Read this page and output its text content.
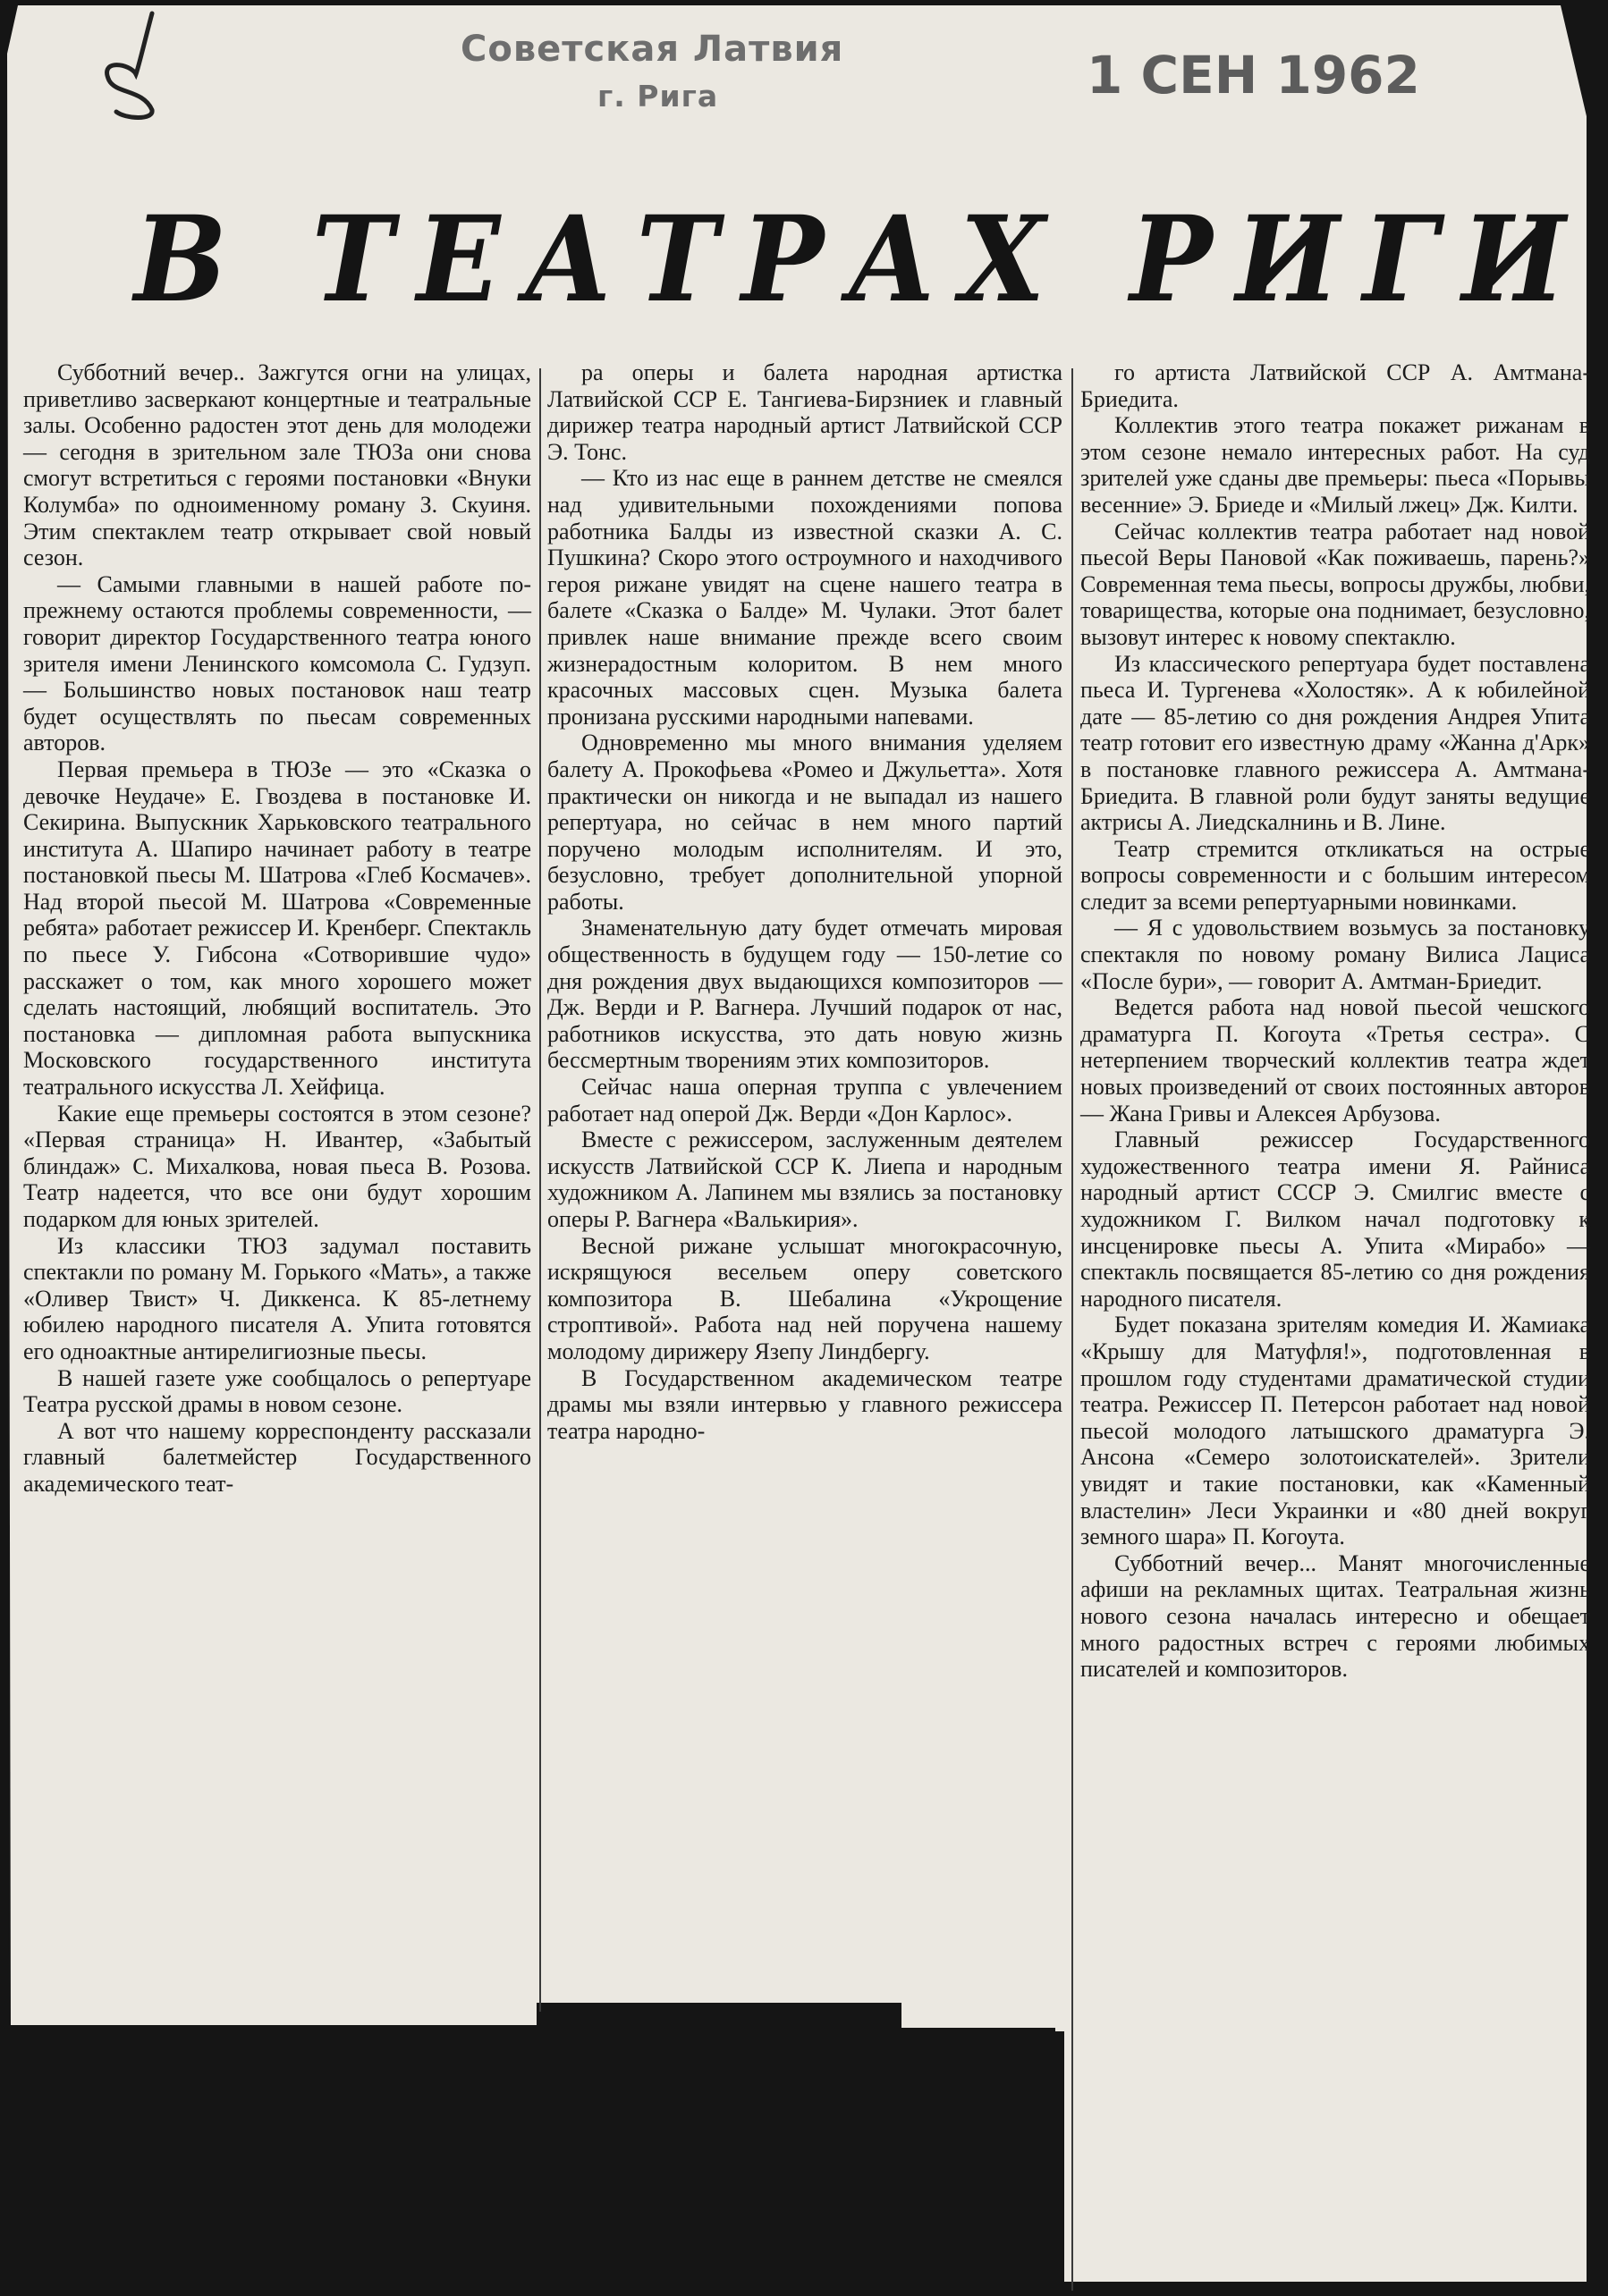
Советская Латвия
г. Рига	1 СЕН 1962
В ТЕАТРАХ РИГИ

Субботний вечер.. Зажгутся огни на улицах, приветливо засверкают концертные и театральные залы. Особенно радостен этот день для молодежи — сегодня в зрительном зале ТЮЗа они снова смогут встретиться с героями постановки «Внуки Колумба» по одноименному роману З. Скуиня. Этим спектаклем театр открывает свой новый сезон.

— Самыми главными в нашей работе по-прежнему остаются проблемы современности, — говорит директор Государственного театра юного зрителя имени Ленинского комсомола С. Гудзуп. — Большинство новых постановок наш театр будет осуществлять по пьесам современных авторов.

Первая премьера в ТЮЗе — это «Сказка о девочке Неудаче» Е. Гвоздева в постановке И. Секирина. Выпускник Харьковского театрального института А. Шапиро начинает работу в театре постановкой пьесы М. Шатрова «Глеб Космачев». Над второй пьесой М. Шатрова «Современные ребята» работает режиссер И. Кренберг. Спектакль по пьесе У. Гибсона «Сотворившие чудо» расскажет о том, как много хорошего может сделать настоящий, любящий воспитатель. Это постановка — дипломная работа выпускника Московского государственного института театрального искусства Л. Хейфица.

Какие еще премьеры состоятся в этом сезоне? «Первая страница» Н. Ивантер, «Забытый блиндаж» С. Михалкова, новая пьеса В. Розова. Театр надеется, что все они будут хорошим подарком для юных зрителей.

Из классики ТЮЗ задумал поставить спектакли по роману М. Горького «Мать», а также «Оливер Твист» Ч. Диккенса. К 85-летнему юбилею народного писателя А. Упита готовятся его одноактные антирелигиозные пьесы.

В нашей газете уже сообщалось о репертуаре Театра русской драмы в новом сезоне.

А вот что нашему корреспонденту рассказали главный балетмейстер Государственного академического теат-

ра оперы и балета народная артистка Латвийской ССР Е. Тангиева-Бирзниек и главный дирижер театра народный артист Латвийской ССР Э. Тонс.

— Кто из нас еще в раннем детстве не смеялся над удивительными похождениями попова работника Балды из известной сказки А. С. Пушкина? Скоро этого остроумного и находчивого героя рижане увидят на сцене нашего театра в балете «Сказка о Балде» М. Чулаки. Этот балет привлек наше внимание прежде всего своим жизнерадостным колоритом. В нем много красочных массовых сцен. Музыка балета пронизана русскими народными напевами.

Одновременно мы много внимания уделяем балету А. Прокофьева «Ромео и Джульетта». Хотя практически он никогда и не выпадал из нашего репертуара, но сейчас в нем много партий поручено молодым исполнителям. И это, безусловно, требует дополнительной упорной работы.

Знаменательную дату будет отмечать мировая общественность в будущем году — 150-летие со дня рождения двух выдающихся композиторов — Дж. Верди и Р. Вагнера. Лучший подарок от нас, работников искусства, это дать новую жизнь бессмертным творениям этих композиторов.

Сейчас наша оперная труппа с увлечением работает над оперой Дж. Верди «Дон Карлос».

Вместе с режиссером, заслуженным деятелем искусств Латвийской ССР К. Лиепа и народным художником А. Лапинем мы взялись за постановку оперы Р. Вагнера «Валькирия».

Весной рижане услышат многокрасочную, искрящуюся весельем оперу советского композитора В. Шебалина «Укрощение строптивой». Работа над ней поручена нашему молодому дирижеру Язепу Линдбергу.

В Государственном академическом театре драмы мы взяли интервью у главного режиссера театра народно-

го артиста Латвийской ССР А. Амтмана-Бриедита.

Коллектив этого театра покажет рижанам в этом сезоне немало интересных работ. На суд зрителей уже сданы две премьеры: пьеса «Порывы весенние» Э. Бриеде и «Милый лжец» Дж. Килти.

Сейчас коллектив театра работает над новой пьесой Веры Пановой «Как поживаешь, парень?» Современная тема пьесы, вопросы дружбы, любви, товарищества, которые она поднимает, безусловно, вызовут интерес к новому спектаклю.

Из классического репертуара будет поставлена пьеса И. Тургенева «Холостяк». А к юбилейной дате — 85-летию со дня рождения Андрея Упита театр готовит его известную драму «Жанна д'Арк» в постановке главного режиссера А. Амтмана-Бриедита. В главной роли будут заняты ведущие актрисы А. Лиедскалнинь и В. Лине.

Театр стремится откликаться на острые вопросы современности и с большим интересом следит за всеми репертуарными новинками.

— Я с удовольствием возьмусь за постановку спектакля по новому роману Вилиса Лациса «После бури», — говорит А. Амтман-Бриедит.

Ведется работа над новой пьесой чешского драматурга П. Когоута «Третья сестра». С нетерпением творческий коллектив театра ждет новых произведений от своих постоянных авторов — Жана Гривы и Алексея Арбузова.

Главный режиссер Государственного художественного театра имени Я. Райниса народный артист СССР Э. Смилгис вместе с художником Г. Вилком начал подготовку к инсценировке пьесы А. Упита «Мирабо» — спектакль посвящается 85-летию со дня рождения народного писателя.

Будет показана зрителям комедия И. Жамиака «Крышу для Матуфля!», подготовленная в прошлом году студентами драматической студии театра. Режиссер П. Петерсон работает над новой пьесой молодого латышского драматурга Э. Ансона «Семеро золотоискателей». Зрители увидят и такие постановки, как «Каменный властелин» Леси Украинки и «80 дней вокруг земного шара» П. Когоута.

Субботний вечер... Манят многочисленные афиши на рекламных щитах. Театральная жизнь нового сезона началась интересно и обещает много радостных встреч с героями любимых писателей и композиторов.
